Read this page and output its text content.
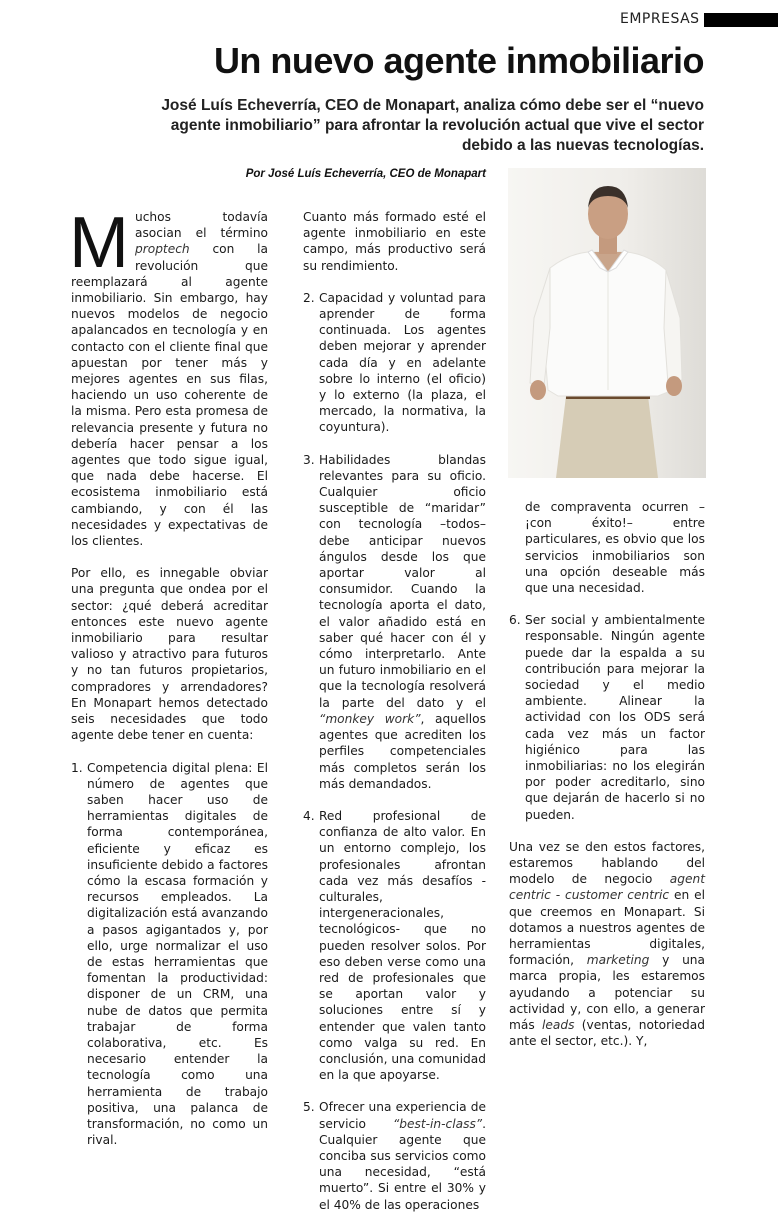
EMPRESAS
Un nuevo agente inmobiliario

José Luís Echeverría, CEO de Monapart, analiza cómo debe ser el “nuevo agente inmobiliario” para afrontar la revolución actual que vive el sector debido a las nuevas tecnologías.

Por José Luís Echeverría, CEO de Monapart

Muchos todavía asocian el término proptech con la revolución que reemplazará al agente inmobiliario. Sin embargo, hay nuevos modelos de negocio apalancados en tecnología y en contacto con el cliente final que apuestan por tener más y mejores agentes en sus filas, haciendo un uso coherente de la misma. Pero esta promesa de relevancia presente y futura no debería hacer pensar a los agentes que todo sigue igual, que nada debe hacerse. El ecosistema inmobiliario está cambiando, y con él las necesidades y expectativas de los clientes.

Por ello, es innegable obviar una pregunta que ondea por el sector: ¿qué deberá acreditar entonces este nuevo agente inmobiliario para resultar valioso y atractivo para futuros y no tan futuros propietarios, compradores y arrendadores? En Monapart hemos detectado seis necesidades que todo agente debe tener en cuenta:

1. Competencia digital plena: El número de agentes que saben hacer uso de herramientas digitales de forma contemporánea, eficiente y eficaz es insuficiente debido a factores cómo la escasa formación y recursos empleados. La digitalización está avanzando a pasos agigantados y, por ello, urge normalizar el uso de estas herramientas que fomentan la productividad: disponer de un CRM, una nube de datos que permita trabajar de forma colaborativa, etc. Es necesario entender la tecnología como una herramienta de trabajo positiva, una palanca de transformación, no como un rival.

Cuanto más formado esté el agente inmobiliario en este campo, más productivo será su rendimiento.

2. Capacidad y voluntad para aprender de forma continuada. Los agentes deben mejorar y aprender cada día y en adelante sobre lo interno (el oficio) y lo externo (la plaza, el mercado, la normativa, la coyuntura).
3. Habilidades blandas relevantes para su oficio. Cualquier oficio susceptible de “maridar” con tecnología –todos– debe anticipar nuevos ángulos desde los que aportar valor al consumidor. Cuando la tecnología aporta el dato, el valor añadido está en saber qué hacer con él y cómo interpretarlo. Ante un futuro inmobiliario en el que la tecnología resolverá la parte del dato y el “monkey work”, aquellos agentes que acrediten los perfiles competenciales más completos serán los más demandados.
4. Red profesional de confianza de alto valor. En un entorno complejo, los profesionales afrontan cada vez más desafíos -culturales, intergeneracionales, tecnológicos- que no pueden resolver solos. Por eso deben verse como una red de profesionales que se aportan valor y soluciones entre sí y entender que valen tanto como valga su red. En conclusión, una comunidad en la que apoyarse.
5. Ofrecer una experiencia de servicio “best-in-class”. Cualquier agente que conciba sus servicios como una necesidad, “está muerto”. Si entre el 30% y el 40% de las operaciones

de compraventa ocurren –¡con éxito!– entre particulares, es obvio que los servicios inmobiliarios son una opción deseable más que una necesidad.

6. Ser social y ambientalmente responsable. Ningún agente puede dar la espalda a su contribución para mejorar la sociedad y el medio ambiente. Alinear la actividad con los ODS será cada vez más un factor higiénico para las inmobiliarias: no los elegirán por poder acreditarlo, sino que dejarán de hacerlo si no pueden.

Una vez se den estos factores, estaremos hablando del modelo de negocio agent centric - customer centric en el que creemos en Monapart. Si dotamos a nuestros agentes de herramientas digitales, formación, marketing y una marca propia, les estaremos ayudando a potenciar su actividad y, con ello, a generar más leads (ventas, notoriedad ante el sector, etc.). Y,
